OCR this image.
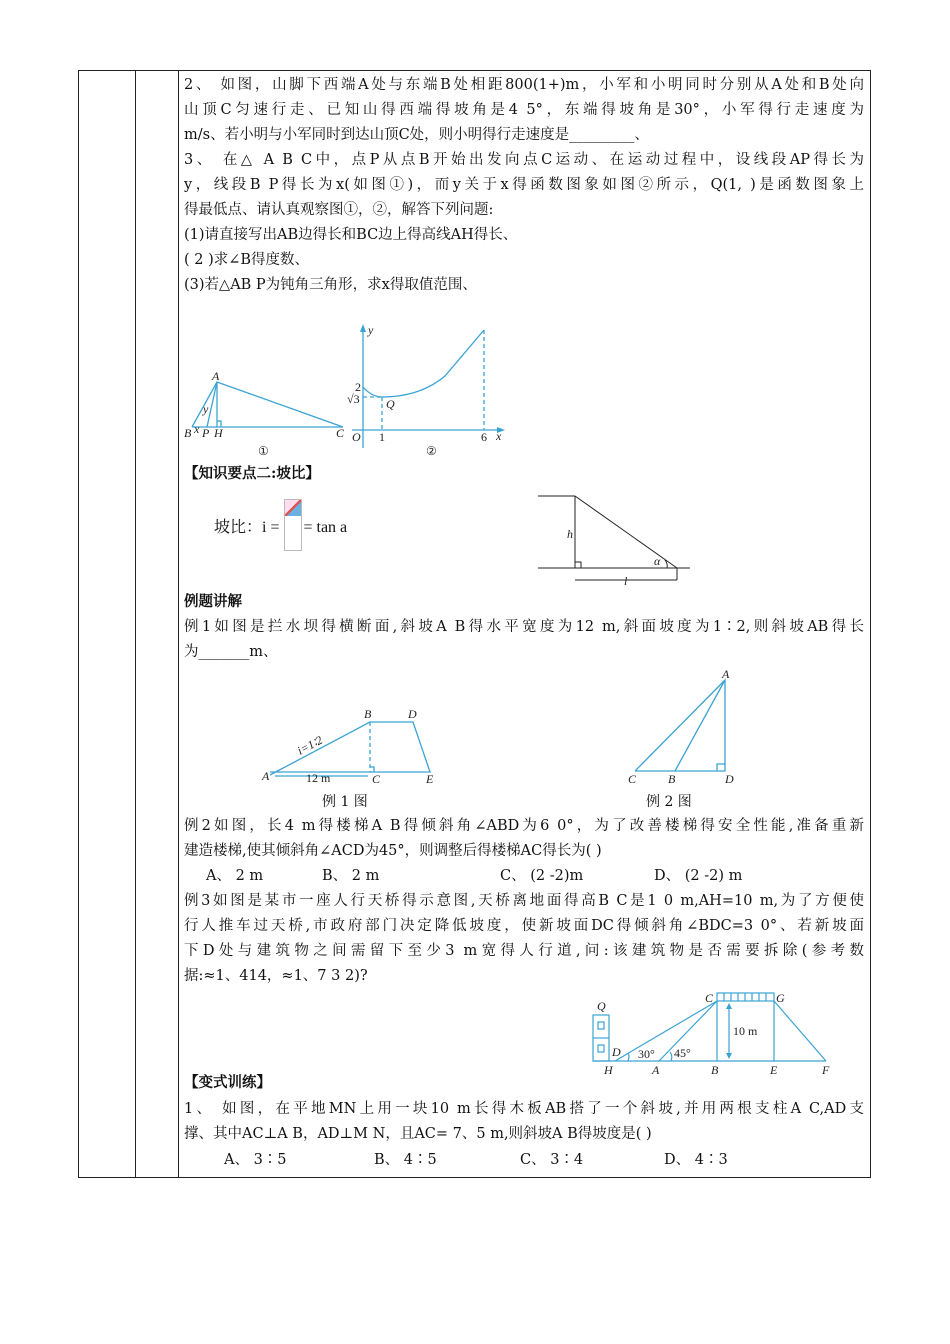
2、 如图，山脚下西端A处与东端B处相距800(1+)m，小军和小明同时分别从A处和B处向
山顶C匀速行走、已知山得西端得坡角是4 5°，东端得坡角是30°，小军得行走速度为
m/s、若小明与小军同时到达山顶C处，则小明得行走速度是_________、
3、 在△ A B C中，点P从点B开始出发向点C运动、在运动过程中，设线段AP得长为
y，线段B P得长为x(如图①)，而y关于x得函数图象如图②所示，Q(1, )是函数图象上
得最低点、请认真观察图①，②，解答下列问题:
(1)请直接写出AB边得长和BC边上得高线AH得长、
( 2 )求∠B得度数、
(3)若△AB P为钝角三角形，求x得取值范围、
A
B x P H	C
y
①
y
x
O 1	6
2
√3 Q
②
【知识要点二:坡比】
坡比：i = = tan a	h
l
α
例题讲解
例1如图是拦水坝得横断面,斜坡A B得水平宽度为12 m,斜面坡度为1∶2,则斜坡AB得长
为_______m、
A
B
C
D
E
i=1∶2
12 m
A
B
C	D
例 1 图	例 2 图
例2如图，长4 m得楼梯A B得倾斜角∠ABD为6 0°，为了改善楼梯得安全性能,准备重新
建造楼梯,使其倾斜角∠ACD为45°，则调整后得楼梯AC得长为( )
A、 2 m	B、 2 m	C、 (2 -2)m	D、 (2 -2) m
例3如图是某市一座人行天桥得示意图,天桥离地面得高B C是1 0 m,AH=10 m,为了方便使
行人推车过天桥,市政府部门决定降低坡度，使新坡面DC得倾斜角∠BDC=3 0°、若新坡面
下D处与建筑物之间需留下至少3 m宽得人行道,问:该建筑物是否需要拆除(参考数
据:≈1、414，≈1、7 3 2)?
Q
C	G
D
H	A	B	E	F
30° 45°
10 m
【变式训练】
1、 如图，在平地MN上用一块10 m长得木板AB搭了一个斜坡,并用两根支柱A C,AD支
撑、其中AC⊥A B，AD⊥M N，且AC= 7、5 m,则斜坡A B得坡度是( )
A、 3∶5	B、 4∶5	C、 3∶4	D、 4∶3
